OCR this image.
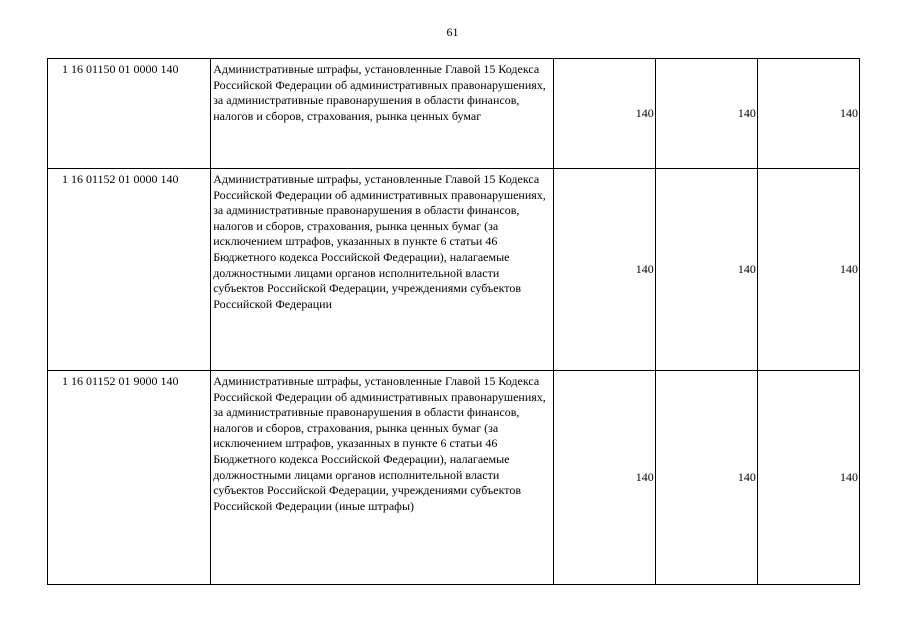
61
1 16 01150 01 0000 140	Административные штрафы, установленные Главой 15 Кодекса Российской Федерации об административных правонарушениях, за административные правонарушения в области финансов, налогов и сборов, страхования, рынка ценных бумаг	140	140	140
1 16 01152 01 0000 140	Административные штрафы, установленные Главой 15 Кодекса Российской Федерации об административных правонарушениях, за административные правонарушения в области финансов, налогов и сборов, страхования, рынка ценных бумаг (за исключением штрафов, указанных в пункте 6 статьи 46 Бюджетного кодекса Российской Федерации), налагаемые должностными лицами органов исполнительной власти субъектов Российской Федерации, учреждениями субъектов Российской Федерации	140	140	140
1 16 01152 01 9000 140	Административные штрафы, установленные Главой 15 Кодекса Российской Федерации об административных правонарушениях, за административные правонарушения в области финансов, налогов и сборов, страхования, рынка ценных бумаг (за исключением штрафов, указанных в пункте 6 статьи 46 Бюджетного кодекса Российской Федерации), налагаемые должностными лицами органов исполнительной власти субъектов Российской Федерации, учреждениями субъектов Российской Федерации (иные штрафы)	140	140	140
